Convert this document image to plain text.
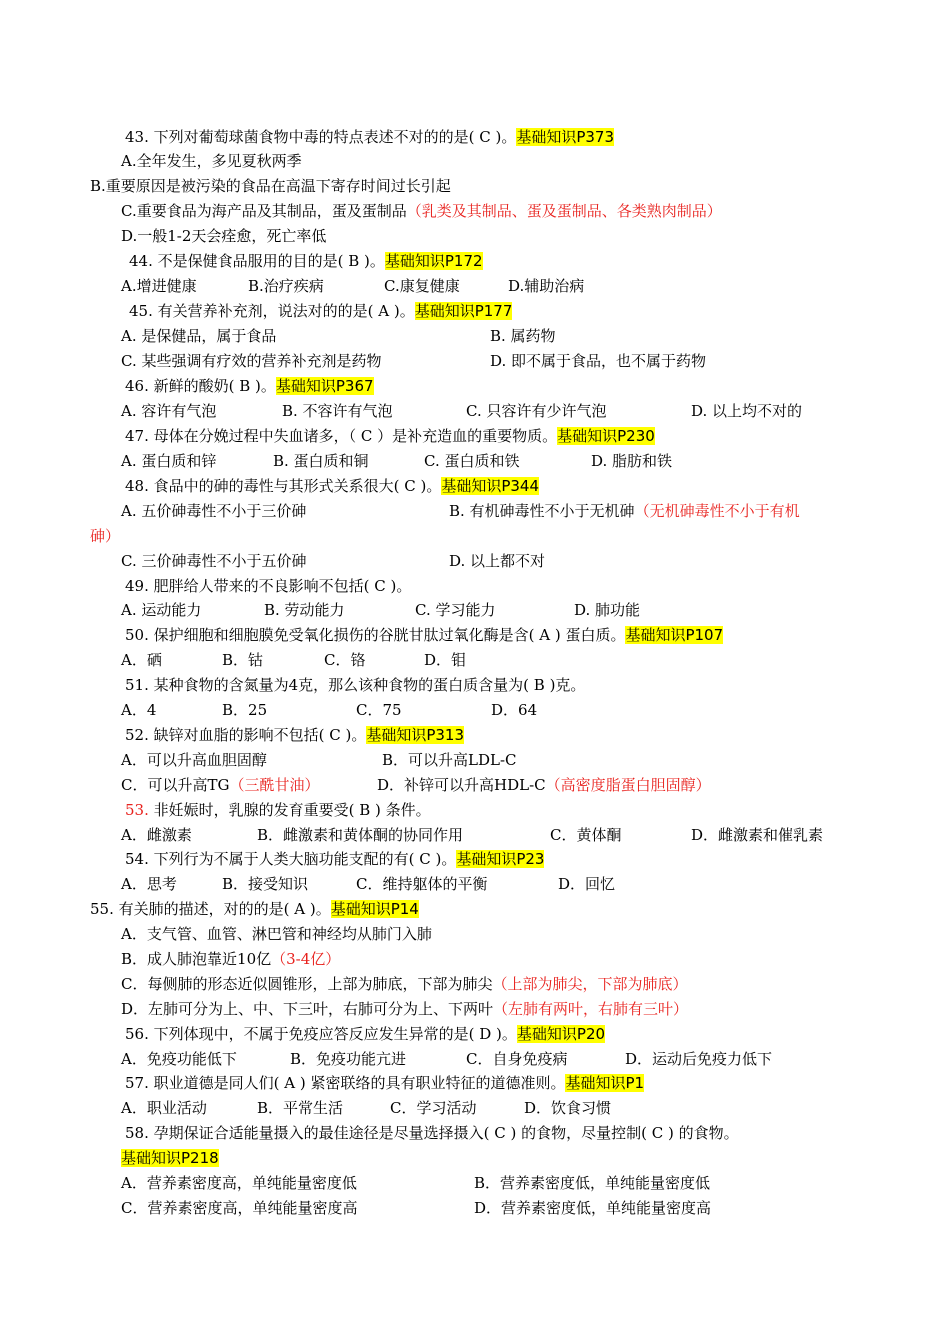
43. 下列对葡萄球菌食物中毒的特点表述不对的的是( C )。基础知识P373
A.全年发生，多见夏秋两季
B.重要原因是被污染的食品在高温下寄存时间过长引起
C.重要食品为海产品及其制品，蛋及蛋制品（乳类及其制品、蛋及蛋制品、各类熟肉制品）
D.一般1-2天会痊愈，死亡率低
44. 不是保健食品服用的目的是( B )。基础知识P172
A.增进健康	B.治疗疾病	C.康复健康	D.辅助治病
45. 有关营养补充剂，说法对的的是( A )。基础知识P177
A. 是保健品，属于食品	B. 属药物
C. 某些强调有疗效的营养补充剂是药物	D. 即不属于食品，也不属于药物
46. 新鲜的酸奶( B )。基础知识P367
A. 容许有气泡	B. 不容许有气泡	C. 只容许有少许气泡	D. 以上均不对的
47. 母体在分娩过程中失血诸多，（ C ）是补充造血的重要物质。基础知识P230
A. 蛋白质和锌	B. 蛋白质和铜	C. 蛋白质和铁	D. 脂肪和铁
48. 食品中的砷的毒性与其形式关系很大( C )。基础知识P344
A. 五价砷毒性不小于三价砷	B. 有机砷毒性不小于无机砷（无机砷毒性不小于有机
砷）
C. 三价砷毒性不小于五价砷	D. 以上都不对
49. 肥胖给人带来的不良影响不包括( C )。
A. 运动能力	B. 劳动能力	C. 学习能力	D. 肺功能
50. 保护细胞和细胞膜免受氧化损伤的谷胱甘肽过氧化酶是含( A ) 蛋白质。基础知识P107
A．硒	B．钴	C．铬	D．钼
51. 某种食物的含氮量为4克，那么该种食物的蛋白质含量为( B )克。
A．4	B．25	C．75	D．64
52. 缺锌对血脂的影响不包括( C )。基础知识P313
A．可以升高血胆固醇	B．可以升高LDL-C
C．可以升高TG（三酰甘油）	D．补锌可以升高HDL-C（高密度脂蛋白胆固醇）
53. 非妊娠时，乳腺的发育重要受( B ) 条件。
A．雌激素	B．雌激素和黄体酮的协同作用	C．黄体酮	D．雌激素和催乳素
54. 下列行为不属于人类大脑功能支配的有( C )。基础知识P23
A．思考	B．接受知识	C．维持躯体的平衡	D．回忆
55. 有关肺的描述，对的的是( A )。基础知识P14
A．支气管、血管、淋巴管和神经均从肺门入肺
B．成人肺泡靠近10亿（3-4亿）
C．每侧肺的形态近似圆锥形，上部为肺底，下部为肺尖（上部为肺尖，下部为肺底）
D．左肺可分为上、中、下三叶，右肺可分为上、下两叶（左肺有两叶，右肺有三叶）
56. 下列体现中，不属于免疫应答反应发生异常的是( D )。基础知识P20
A．免疫功能低下	B．免疫功能亢进	C．自身免疫病	D．运动后免疫力低下
57. 职业道德是同人们( A ) 紧密联络的具有职业特征的道德准则。基础知识P1
A．职业活动	B．平常生活	C．学习活动	D．饮食习惯
58. 孕期保证合适能量摄入的最佳途径是尽量选择摄入( C ) 的食物，尽量控制( C ) 的食物。
基础知识P218
A．营养素密度高，单纯能量密度低	B．营养素密度低，单纯能量密度低
C．营养素密度高，单纯能量密度高	D．营养素密度低，单纯能量密度高
